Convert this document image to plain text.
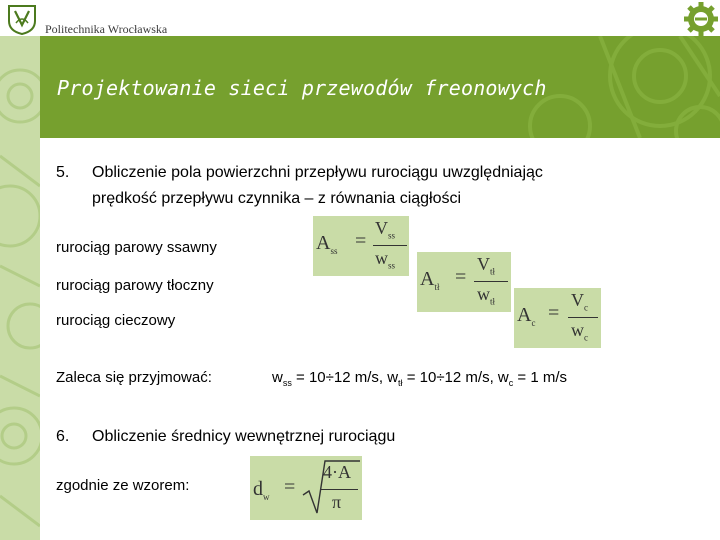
Politechnika Wrocławska
Projektowanie sieci przewodów freonowych
5. Obliczenie pola powierzchni przepływu rurociągu uwzględniając
prędkość przepływu czynnika – z równania ciągłości
rurociąg parowy ssawny
rurociąg parowy tłoczny
rurociąg cieczowy
Zaleca się przyjmować:	$w_{ss} = 10\div 12$ m/s, $w_{tł} = 10\div 12$ m/s, $w_c = 1$ m/s
6. Obliczenie średnicy wewnętrznej rurociągu
zgodnie ze wzorem:
$A_{ss}$ =
$V_{ss}$
$w_{ss}$
$A_{tł}$ =
$V_{tł}$
$w_{tł}$
$A_c$ =
$V_c$
$w_c$
$d_w$ =
4·A
π
